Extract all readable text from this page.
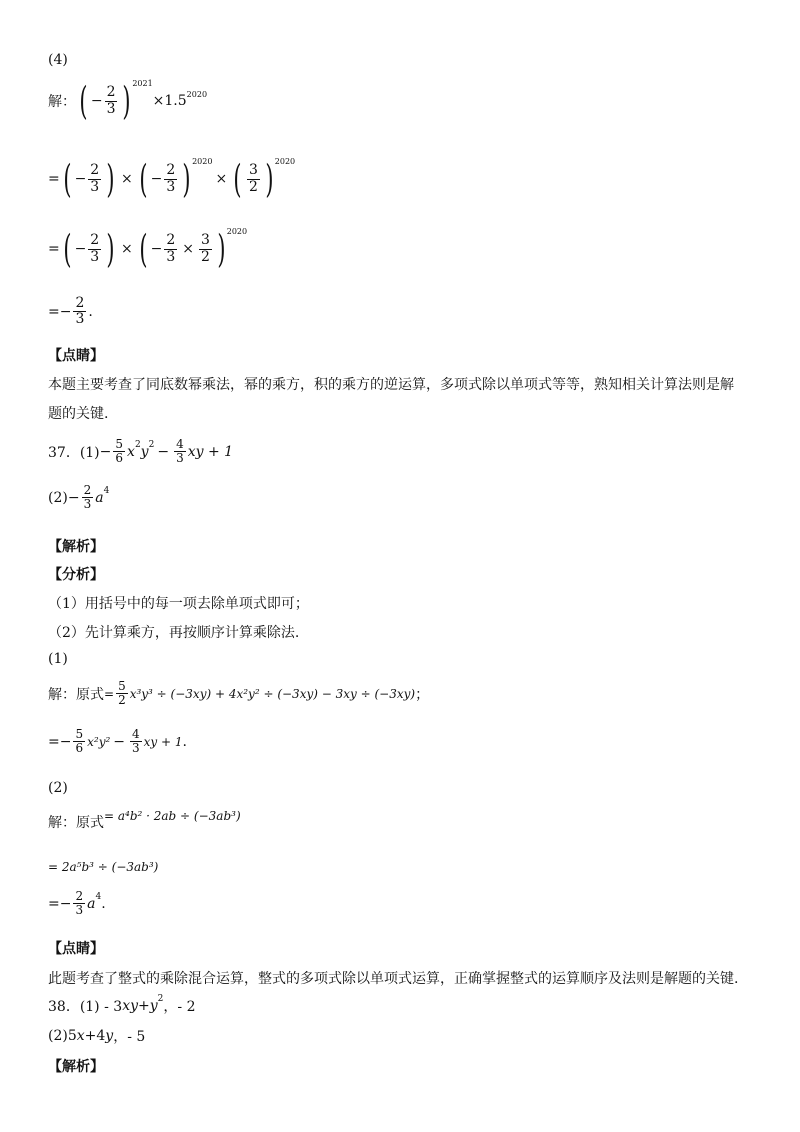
(4)
解： ( − $\frac{2}{3}$ ) 2021
×1.5 2020
= ( − $\frac{2}{3}$ ) × ( − $\frac{2}{3}$ ) 2020
× ( $\frac{3}{2}$ ) 2020
= ( − $\frac{2}{3}$ ) × ( − $\frac{2}{3} \times \frac{3}{2}$ ) 2020
= − $\frac{2}{3}$ .
【点睛】
本题主要考查了同底数幂乘法，幂的乘方，积的乘方的逆运算，多项式除以单项式等等，熟知相关计算法则是解
题的关键.
37．$(1) - \frac{5}{6}$ x 2 y $2 - \frac{4}{3}$ xy + 1
$(2) - \frac{2}{3}$ a 4
【解析】
【分析】
（1）用括号中的每一项去除单项式即可；
（2）先计算乘方，再按顺序计算乘除法.
(1)
解：原式 = $\frac{5}{2} x^3y^3 \div (-3xy) + 4x^2y^2 \div (-3xy) - 3xy \div (-3xy)$ ；
= − $\frac{5}{6} x^2y^2 - \frac{4}{3}$ xy + 1 .
(2)
解：原式 = a⁴b² · 2ab ÷ (−3ab³)
= 2a⁵b³ ÷ (−3ab³)
= − $\frac{2}{3}$ a 4 .
【点睛】
此题考查了整式的乘除混合运算，整式的多项式除以单项式运算，正确掌握整式的运算顺序及法则是解题的关键.
38．(1) - 3 xy + y 2 ，- 2
(2)5 x +4 y ，- 5
【解析】
